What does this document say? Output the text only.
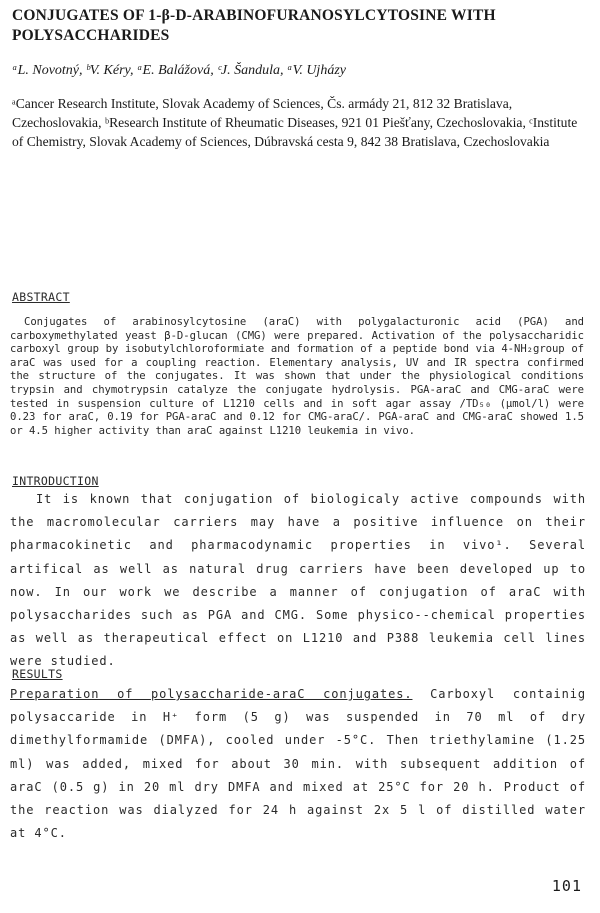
CONJUGATES OF 1-β-D-ARABINOFURANOSYLCYTOSINE WITH POLYSACCHARIDES
ᵃL. Novotný, ᵇV. Kéry, ᵃE. Balážová, ᶜJ. Šandula, ᵃV. Ujházy

ᵃCancer Research Institute, Slovak Academy of Sciences, Čs. armády 21, 812 32 Bratislava, Czechoslovakia, ᵇResearch Institute of Rheumatic Diseases, 921 01 Piešťany, Czechoslovakia, ᶜInstitute of Chemistry, Slovak Academy of Sciences, Dúbravská cesta 9, 842 38 Bratislava, Czechoslovakia

ABSTRACT

Conjugates of arabinosylcytosine (araC) with polygalacturonic acid (PGA) and carboxymethylated yeast β-D-glucan (CMG) were prepared. Activation of the polysaccharidic carboxyl group by isobutylchloroformiate and formation of a peptide bond via 4-NH₂group of araC was used for a coupling reaction. Elementary analysis, UV and IR spectra confirmed the structure of the conjugates. It was shown that under the physiological conditions trypsin and chymotrypsin catalyze the conjugate hydrolysis. PGA-araC and CMG-araC were tested in suspension culture of L1210 cells and in soft agar assay /TD₅₀ (μmol/l) were 0.23 for araC, 0.19 for PGA-araC and 0.12 for CMG-araC/. PGA-araC and CMG-araC showed 1.5 or 4.5 higher activity than araC against L1210 leukemia in vivo.

INTRODUCTION

It is known that conjugation of biologicaly active compounds with the macromolecular carriers may have a positive influence on their pharmacokinetic and pharmacodynamic properties in vivo¹. Several artifical as well as natural drug carriers have been developed up to now. In our work we describe a manner of conjugation of araC with polysaccharides such as PGA and CMG. Some physico--chemical properties as well as therapeutical effect on L1210 and P388 leukemia cell lines were studied.

RESULTS

Preparation of polysaccharide-araC conjugates. Carboxyl containig polysaccaride in H⁺ form (5 g) was suspended in 70 ml of dry dimethylformamide (DMFA), cooled under -5°C. Then triethylamine (1.25 ml) was added, mixed for about 30 min. with subsequent addition of araC (0.5 g) in 20 ml dry DMFA and mixed at 25°C for 20 h. Product of the reaction was dialyzed for 24 h against 2x 5 l of distilled water at 4°C.

101
